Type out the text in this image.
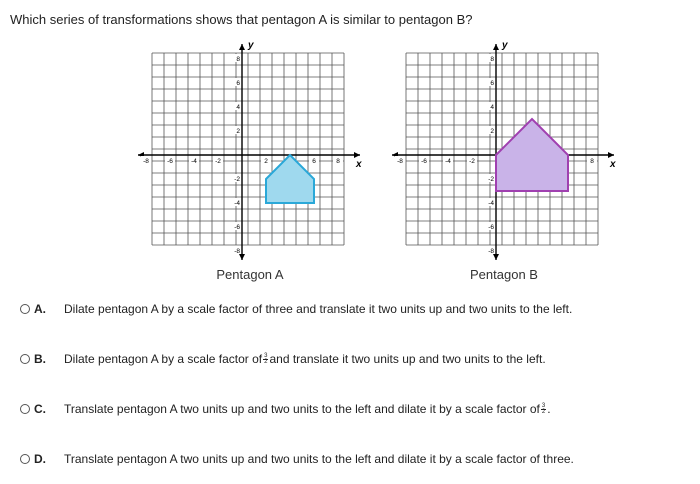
Which series of transformations shows that pentagon A is similar to pentagon B?
x
y
-8	-6	-4	-2	2	6	8
8
6
4
2
-2
-4
-6
-8
x
y
-8	-6	-4	-2	8
8
6
4
2
-2
-4
-6
-8
Pentagon A	Pentagon B
A.	Dilate pentagon A by a scale factor of three and translate it two units up and two units to the left.
B.	Dilate pentagon A by a scale factor of $\frac{3}{2}$ and translate it two units up and two units to the left.
C.	Translate pentagon A two units up and two units to the left and dilate it by a scale factor of $\frac{3}{2}$ .
D.	Translate pentagon A two units up and two units to the left and dilate it by a scale factor of three.
